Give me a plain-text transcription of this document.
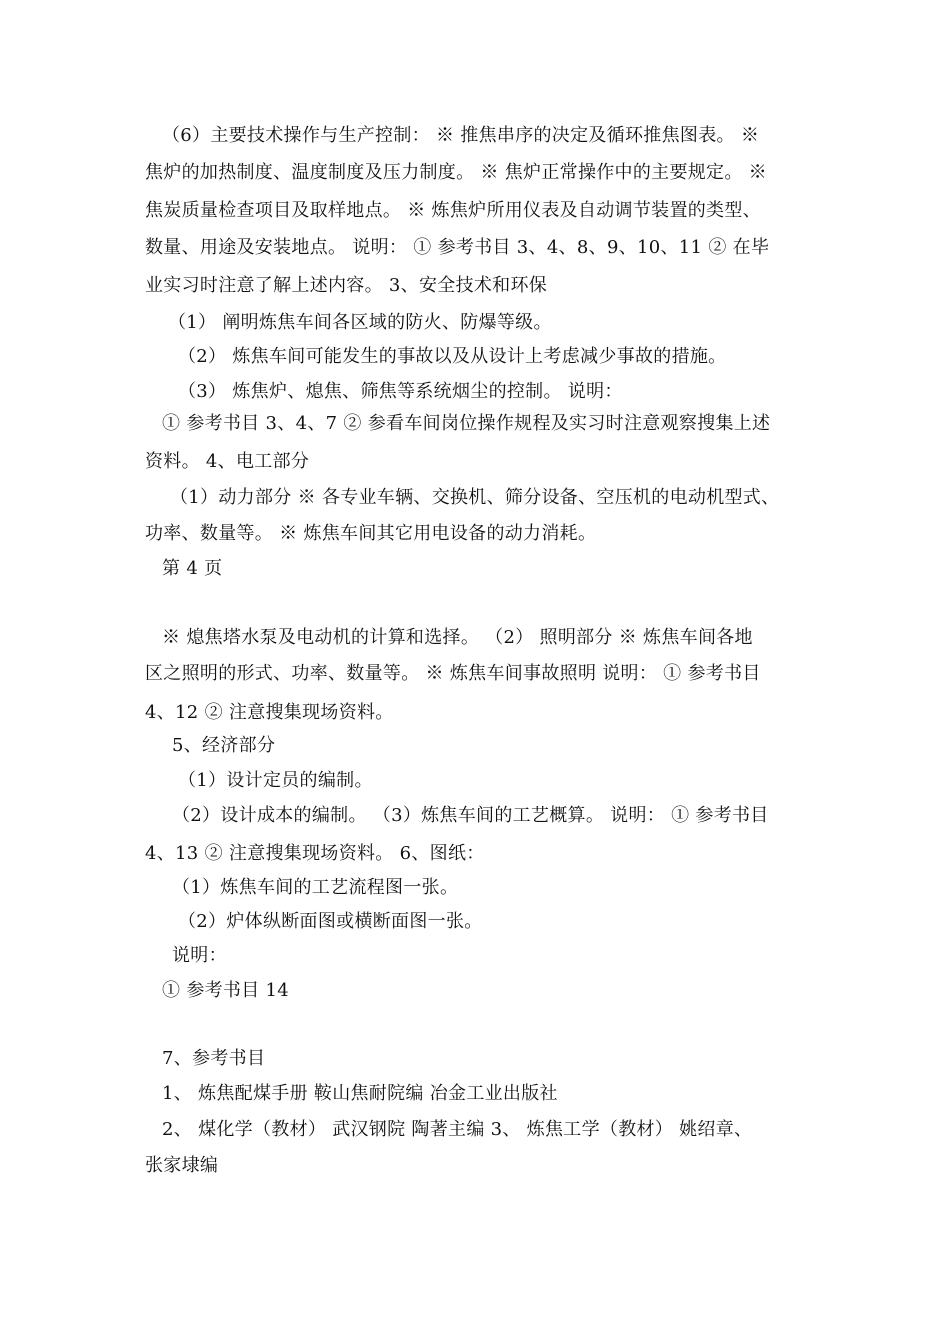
（6）主要技术操作与生产控制： ※ 推焦串序的决定及循环推焦图表。 ※
焦炉的加热制度、温度制度及压力制度。 ※ 焦炉正常操作中的主要规定。 ※
焦炭质量检查项目及取样地点。 ※ 炼焦炉所用仪表及自动调节装置的类型、
数量、用途及安装地点。 说明： ① 参考书目 3、4、8、9、10、11 ② 在毕
业实习时注意了解上述内容。 3、安全技术和环保
（1） 阐明炼焦车间各区域的防火、防爆等级。
（2） 炼焦车间可能发生的事故以及从设计上考虑减少事故的措施。
（3） 炼焦炉、熄焦、筛焦等系统烟尘的控制。 说明：
① 参考书目 3、4、7 ② 参看车间岗位操作规程及实习时注意观察搜集上述
资料。 4、电工部分
（1）动力部分 ※ 各专业车辆、交换机、筛分设备、空压机的电动机型式、
功率、数量等。 ※ 炼焦车间其它用电设备的动力消耗。
第 4 页
※ 熄焦塔水泵及电动机的计算和选择。 （2） 照明部分 ※ 炼焦车间各地
区之照明的形式、功率、数量等。 ※ 炼焦车间事故照明 说明： ① 参考书目
4、12 ② 注意搜集现场资料。
5、经济部分
（1）设计定员的编制。
（2）设计成本的编制。 （3）炼焦车间的工艺概算。 说明： ① 参考书目
4、13 ② 注意搜集现场资料。 6、图纸：
（1）炼焦车间的工艺流程图一张。
（2）炉体纵断面图或横断面图一张。
说明：
① 参考书目 14
7、参考书目
1、 炼焦配煤手册 鞍山焦耐院编 冶金工业出版社
2、 煤化学（教材） 武汉钢院 陶著主编 3、 炼焦工学（教材） 姚绍章、
张家埭编
